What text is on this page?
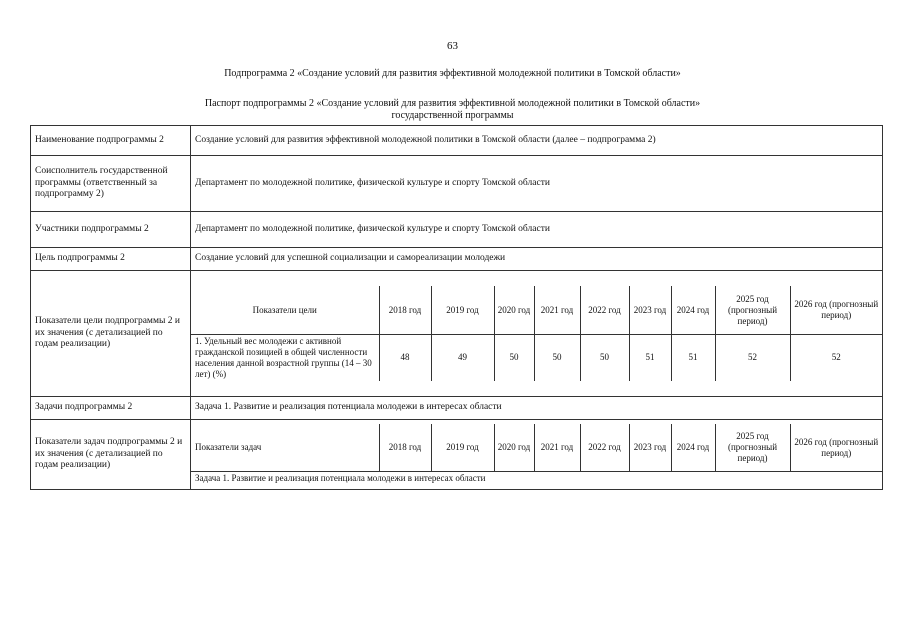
63
Подпрограмма 2 «Создание условий для развития эффективной молодежной политики в Томской области»
Паспорт подпрограммы 2 «Создание условий для развития эффективной молодежной политики в Томской области»
государственной программы
Наименование подпрограммы 2	Создание условий для развития эффективной молодежной политики в Томской области (далее – подпрограмма 2)
Соисполнитель государственной программы (ответственный за подпрограмму 2)	Департамент по молодежной политике, физической культуре и спорту Томской области
Участники подпрограммы 2	Департамент по молодежной политике, физической культуре и спорту Томской области
Цель подпрограммы 2	Создание условий для успешной социализации и самореализации молодежи
Показатели цели подпрограммы 2 и их значения (с детализацией по годам реализации)	
Показатели цели	2018 год	2019 год	2020 год	2021 год	2022 год	2023 год	2024 год	2025 год (прогнозный период)	2026 год (прогнозный период)
1. Удельный вес молодежи с активной гражданской позицией в общей численности населения данной возрастной группы (14 – 30 лет) (%)	48	49	50	50	50	51	51	52	52

Задачи подпрограммы 2	Задача 1. Развитие и реализация потенциала молодежи в интересах области
Показатели задач подпрограммы 2 и их значения (с детализацией по годам реализации)	
Показатели задач	2018 год	2019 год	2020 год	2021 год	2022 год	2023 год	2024 год	2025 год (прогнозный период)	2026 год (прогнозный период)
Задача 1. Развитие и реализация потенциала молодежи в интересах области
